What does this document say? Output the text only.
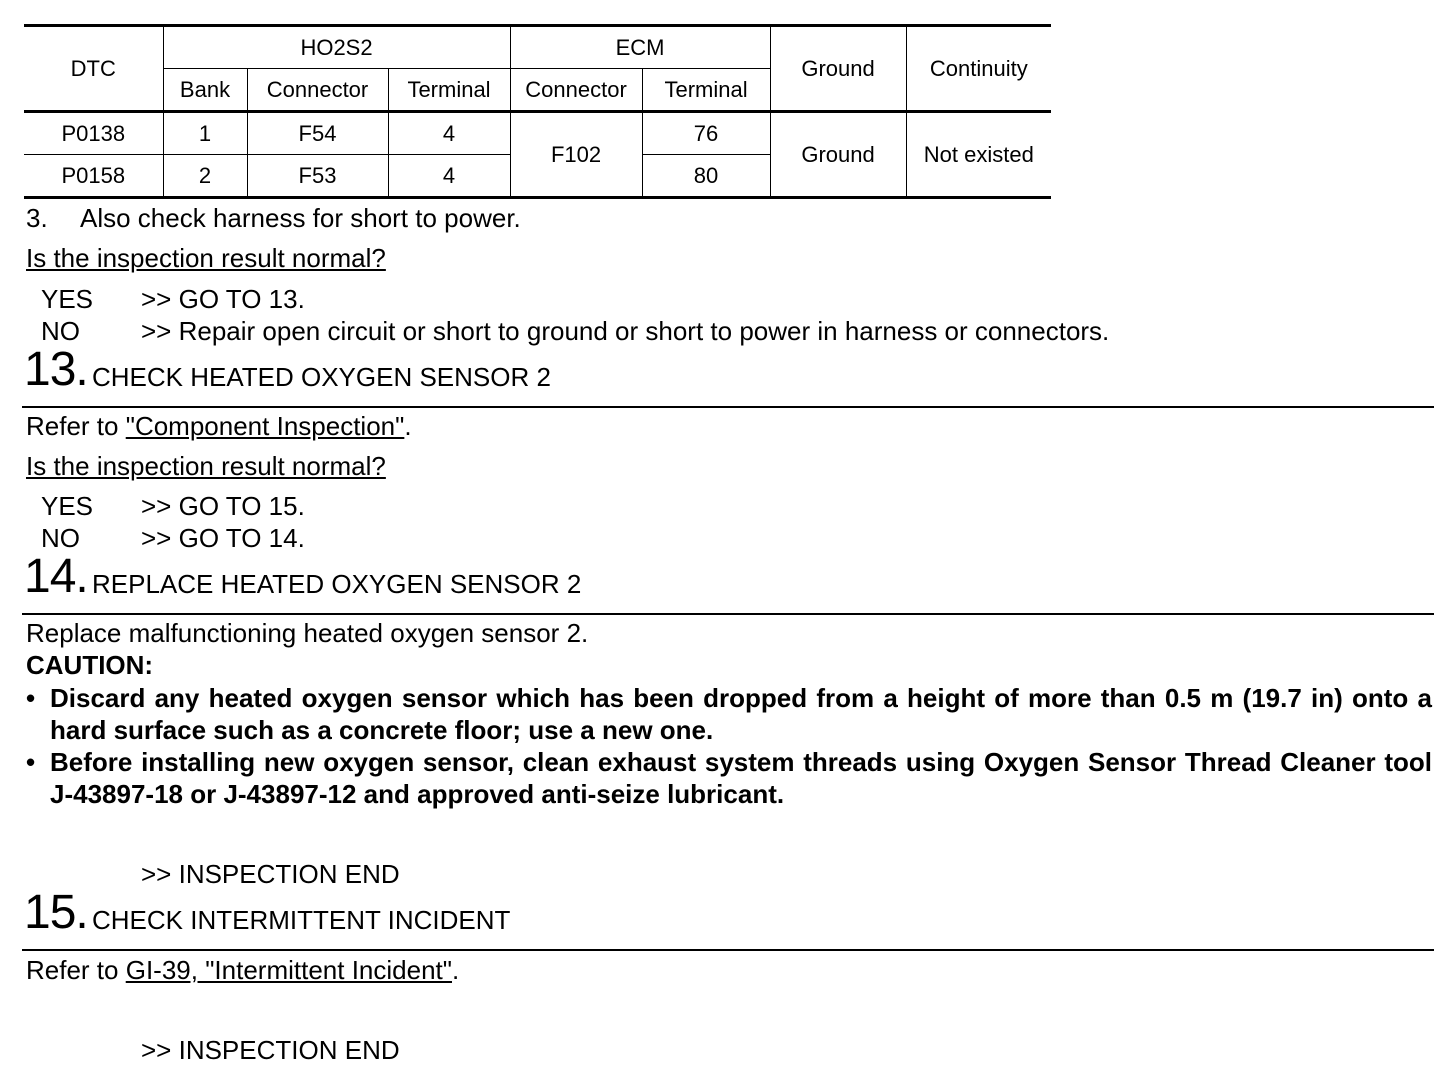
DTC	HO2S2			ECM		Ground	Continuity
	Bank	Connector	Terminal	Connector	Terminal		
P0138	1	F54	4	F102	76	Ground	Not existed
P0158	2	F53	4		80		
3. Also check harness for short to power.
Is the inspection result normal?
YES >> GO TO 13.
NO >> Repair open circuit or short to ground or short to power in harness or connectors.
13. CHECK HEATED OXYGEN SENSOR 2
Refer to "Component Inspection".
Is the inspection result normal?
YES >> GO TO 15.
NO >> GO TO 14.
14. REPLACE HEATED OXYGEN SENSOR 2
Replace malfunctioning heated oxygen sensor 2.
CAUTION:
• Discard any heated oxygen sensor which has been dropped from a height of more than 0.5 m (19.7 in) onto a hard surface such as a concrete floor; use a new one.
• Before installing new oxygen sensor, clean exhaust system threads using Oxygen Sensor Thread Cleaner tool J-43897-18 or J-43897-12 and approved anti-seize lubricant.
>> INSPECTION END
15. CHECK INTERMITTENT INCIDENT
Refer to GI-39, "Intermittent Incident".
>> INSPECTION END
